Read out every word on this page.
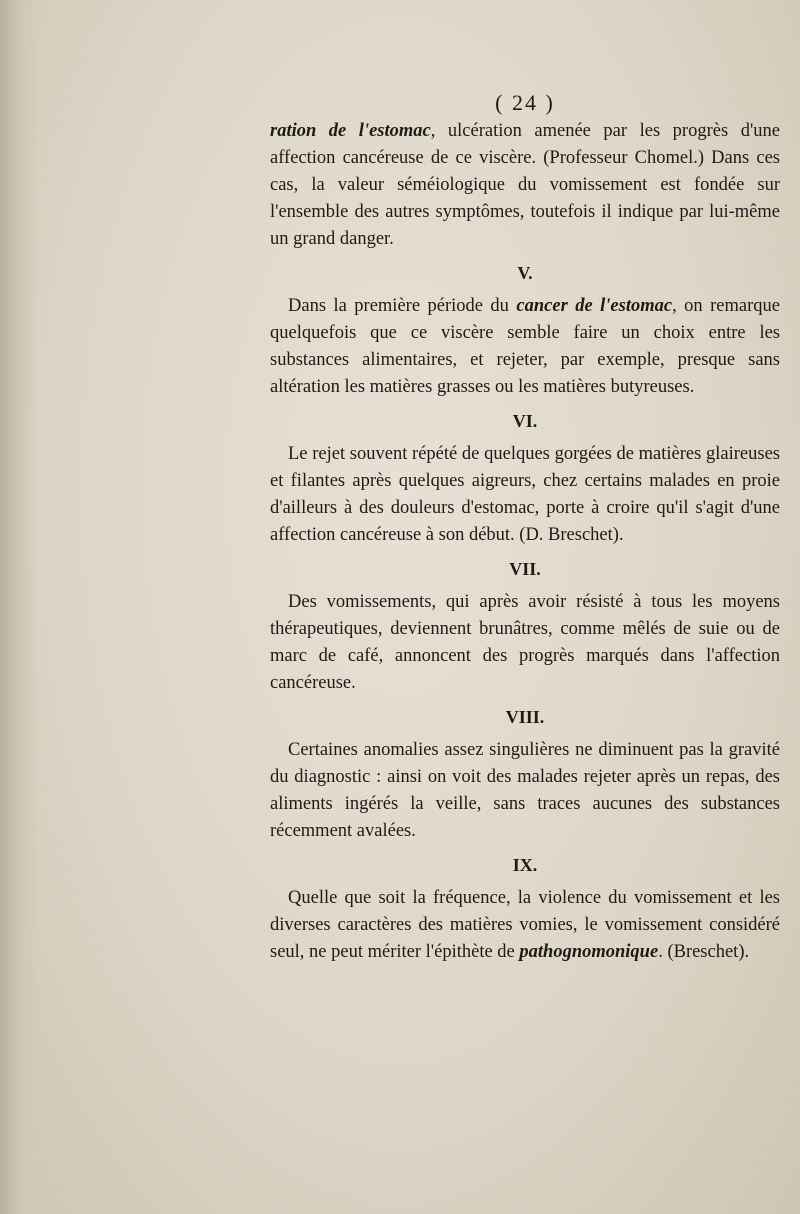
( 24 )

ration de l'estomac, ulcération amenée par les progrès d'une affection cancéreuse de ce viscère. (Professeur Chomel.) Dans ces cas, la valeur séméiologique du vomissement est fondée sur l'ensemble des autres symptômes, toutefois il indique par lui-même un grand danger.

V.

Dans la première période du cancer de l'estomac, on remarque quelquefois que ce viscère semble faire un choix entre les substances alimentaires, et rejeter, par exemple, presque sans altération les matières grasses ou les matières butyreuses.

VI.

Le rejet souvent répété de quelques gorgées de matières glaireuses et filantes après quelques aigreurs, chez certains malades en proie d'ailleurs à des douleurs d'estomac, porte à croire qu'il s'agit d'une affection cancéreuse à son début. (D. Breschet).

VII.

Des vomissements, qui après avoir résisté à tous les moyens thérapeutiques, deviennent brunâtres, comme mêlés de suie ou de marc de café, annoncent des progrès marqués dans l'affection cancéreuse.

VIII.

Certaines anomalies assez singulières ne diminuent pas la gravité du diagnostic : ainsi on voit des malades rejeter après un repas, des aliments ingérés la veille, sans traces aucunes des substances récemment avalées.

IX.

Quelle que soit la fréquence, la violence du vomissement et les diverses caractères des matières vomies, le vomissement considéré seul, ne peut mériter l'épithète de pathognomonique. (Breschet).
